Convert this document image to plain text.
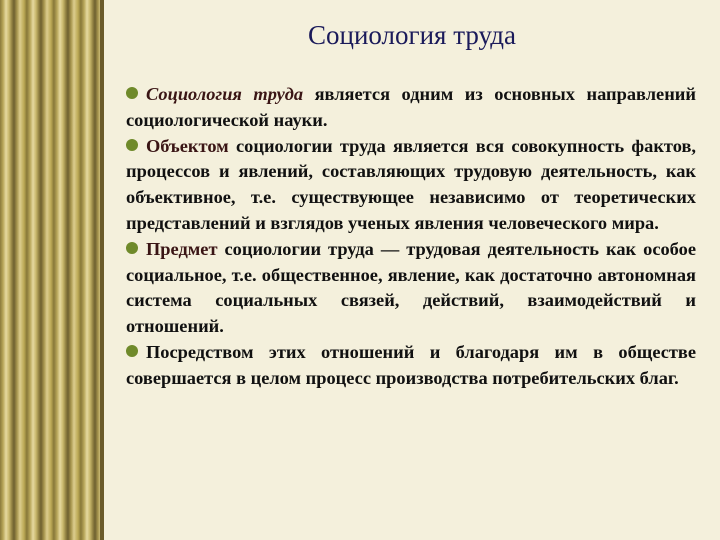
Социология труда

Социология труда является одним из основных направлений социологической науки.

Объектом социологии труда является вся совокупность фактов, процессов и явлений, составляющих трудовую деятельность, как объективное, т.е. существующее независимо от теоретических представлений и взглядов ученых явления человеческого мира.

Предмет социологии труда — трудовая деятельность как особое социальное, т.е. общественное, явление, как достаточно автономная система социальных связей, действий, взаимодействий и отношений.

Посредством этих отношений и благодаря им в обществе совершается в целом процесс производства потребительских благ.
